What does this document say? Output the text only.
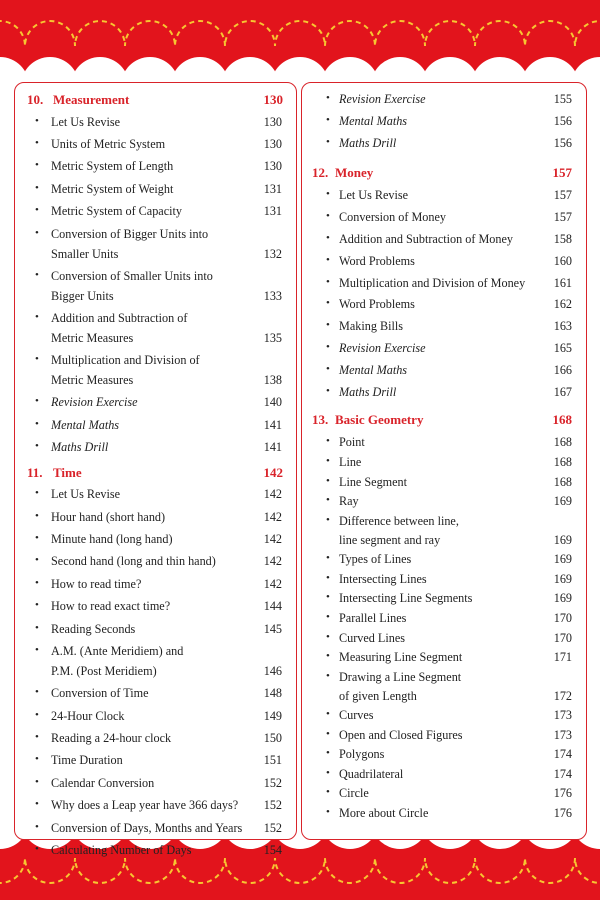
10. Measurement	130
• Let Us Revise	130
• Units of Metric System	130
• Metric System of Length	130
• Metric System of Weight	131
• Metric System of Capacity	131
• Conversion of Bigger Units into
Smaller Units	132
• Conversion of Smaller Units into
Bigger Units	133
• Addition and Subtraction of
Metric Measures	135
• Multiplication and Division of
Metric Measures	138
• Revision Exercise	140
• Mental Maths	141
• Maths Drill	141
11. Time	142
• Let Us Revise	142
• Hour hand (short hand)	142
• Minute hand (long hand)	142
• Second hand (long and thin hand)	142
• How to read time?	142
• How to read exact time?	144
• Reading Seconds	145
• A.M. (Ante Meridiem) and
P.M. (Post Meridiem)	146
• Conversion of Time	148
• 24-Hour Clock	149
• Reading a 24-hour clock	150
• Time Duration	151
• Calendar Conversion	152
• Why does a Leap year have 366 days? 152
• Conversion of Days, Months and Years 152
• Calculating Number of Days	154
• Revision Exercise	155
• Mental Maths	156
• Maths Drill	156
12. Money	157
• Let Us Revise	157
• Conversion of Money	157
• Addition and Subtraction of Money	158
• Word Problems	160
• Multiplication and Division of Money 161
• Word Problems	162
• Making Bills	163
• Revision Exercise	165
• Mental Maths	166
• Maths Drill	167
13. Basic Geometry	168
• Point	168
• Line	168
• Line Segment	168
• Ray	169
• Difference between line,
line segment and ray	169
• Types of Lines	169
• Intersecting Lines	169
• Intersecting Line Segments	169
• Parallel Lines	170
• Curved Lines	170
• Measuring Line Segment	171
• Drawing a Line Segment
of given Length	172
• Curves	173
• Open and Closed Figures	173
• Polygons	174
• Quadrilateral	174
• Circle	176
• More about Circle	176
